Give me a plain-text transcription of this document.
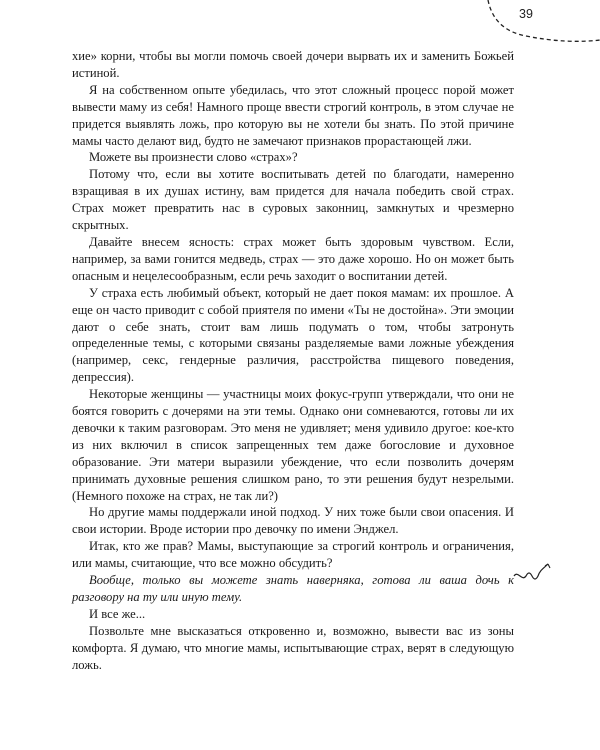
39

хие» корни, чтобы вы могли помочь своей дочери вырвать их и заменить Божьей истиной.

Я на собственном опыте убедилась, что этот сложный процесс порой может вывести маму из себя! Намного проще ввести строгий контроль, в этом случае не придется выявлять ложь, про которую вы не хотели бы знать. По этой причине мамы часто делают вид, будто не замечают признаков прорастающей лжи.

Можете вы произнести слово «страх»?

Потому что, если вы хотите воспитывать детей по благодати, намеренно взращивая в их душах истину, вам придется для начала победить свой страх. Страх может превратить нас в суровых законниц, замкнутых и чрезмерно скрытных.

Давайте внесем ясность: страх может быть здоровым чувством. Если, например, за вами гонится медведь, страх — это даже хорошо. Но он может быть опасным и нецелесообразным, если речь заходит о воспитании детей.

У страха есть любимый объект, который не дает покоя мамам: их прошлое. А еще он часто приводит с собой приятеля по имени «Ты не достойна». Эти эмоции дают о себе знать, стоит вам лишь подумать о том, чтобы затронуть определенные темы, с которыми связаны разделяемые вами ложные убеждения (например, секс, гендерные различия, расстройства пищевого поведения, депрессия).

Некоторые женщины — участницы моих фокус-групп утверждали, что они не боятся говорить с дочерями на эти темы. Однако они сомневаются, готовы ли их девочки к таким разговорам. Это меня не удивляет; меня удивило другое: кое-кто из них включил в список запрещенных тем даже богословие и духовное образование. Эти матери выразили убеждение, что если позволить дочерям принимать духовные решения слишком рано, то эти решения будут незрелыми. (Немного похоже на страх, не так ли?)

Но другие мамы поддержали иной подход. У них тоже были свои опасения. И свои истории. Вроде истории про девочку по имени Энджел.

Итак, кто же прав? Мамы, выступающие за строгий контроль и ограничения, или мамы, считающие, что все можно обсудить?

Вообще, только вы можете знать наверняка, готова ли ваша дочь к разговору на ту или иную тему.

И все же...

Позвольте мне высказаться откровенно и, возможно, вывести вас из зоны комфорта. Я думаю, что многие мамы, испытывающие страх, верят в следующую ложь.
